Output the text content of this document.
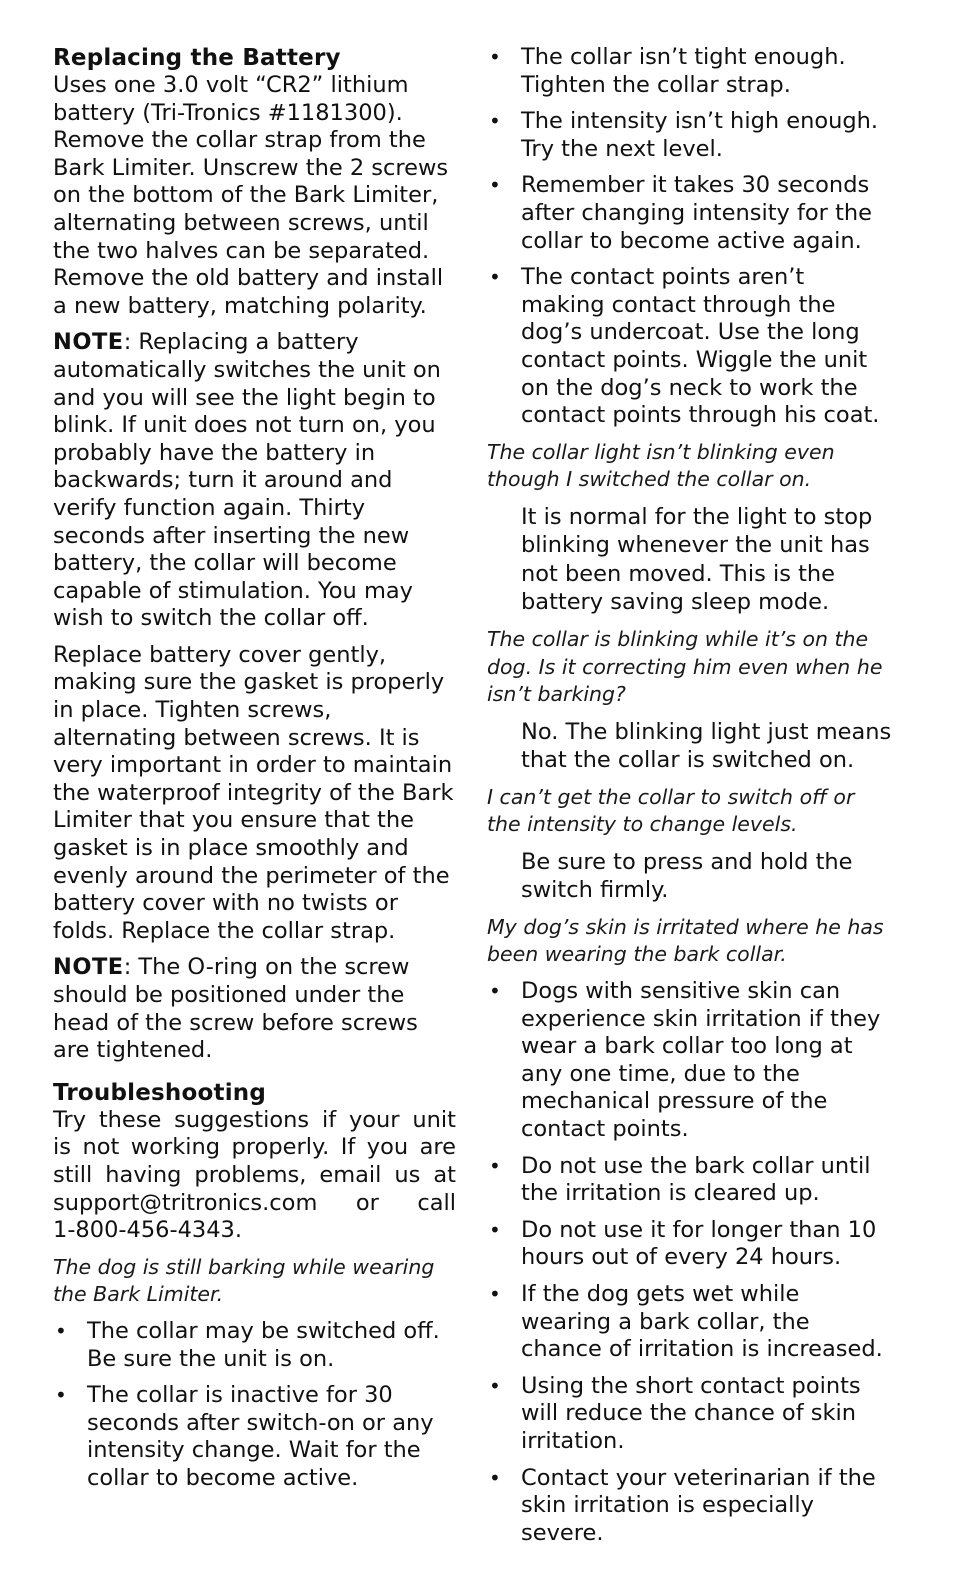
Replacing the Battery

Uses one 3.0 volt “CR2” lithium battery (Tri-Tronics #1181300). Remove the collar strap from the Bark Limiter. Unscrew the 2 screws on the bottom of the Bark Limiter, alternating between screws, until the two halves can be separated. Remove the old battery and install a new battery, matching polarity.

NOTE: Replacing a battery automatically switches the unit on and you will see the light begin to blink. If unit does not turn on, you probably have the battery in backwards; turn it around and verify function again. Thirty seconds after inserting the new battery, the collar will become capable of stimulation. You may wish to switch the collar off.

Replace battery cover gently, making sure the gasket is properly in place. Tighten screws, alternating between screws. It is very important in order to maintain the waterproof integrity of the Bark Limiter that you ensure that the gasket is in place smoothly and evenly around the perimeter of the battery cover with no twists or folds. Replace the collar strap.

NOTE: The O-ring on the screw should be positioned under the head of the screw before screws are tightened.

Troubleshooting
Try these suggestions if your unit
is not working properly. If you are
still having problems, email us at
support@tritronics.com or call
1-800-456-4343.

The dog is still barking while wearing the Bark Limiter.

• The collar may be switched off. Be sure the unit is on.
• The collar is inactive for 30 seconds after switch-on or any intensity change. Wait for the collar to become active.
• The collar isn’t tight enough. Tighten the collar strap.
• The intensity isn’t high enough. Try the next level.
• Remember it takes 30 seconds after changing intensity for the collar to become active again.
• The contact points aren’t making contact through the dog’s undercoat. Use the long contact points. Wiggle the unit on the dog’s neck to work the contact points through his coat.

The collar light isn’t blinking even though I switched the collar on.

It is normal for the light to stop blinking whenever the unit has not been moved. This is the battery saving sleep mode.

The collar is blinking while it’s on the dog. Is it correcting him even when he isn’t barking?

No. The blinking light just means that the collar is switched on.

I can’t get the collar to switch off or the intensity to change levels.

Be sure to press and hold the switch firmly.

My dog’s skin is irritated where he has been wearing the bark collar.

• Dogs with sensitive skin can experience skin irritation if they wear a bark collar too long at any one time, due to the mechanical pressure of the contact points.
• Do not use the bark collar until the irritation is cleared up.
• Do not use it for longer than 10 hours out of every 24 hours.
• If the dog gets wet while wearing a bark collar, the chance of irritation is increased.
• Using the short contact points will reduce the chance of skin irritation.
• Contact your veterinarian if the skin irritation is especially severe.
